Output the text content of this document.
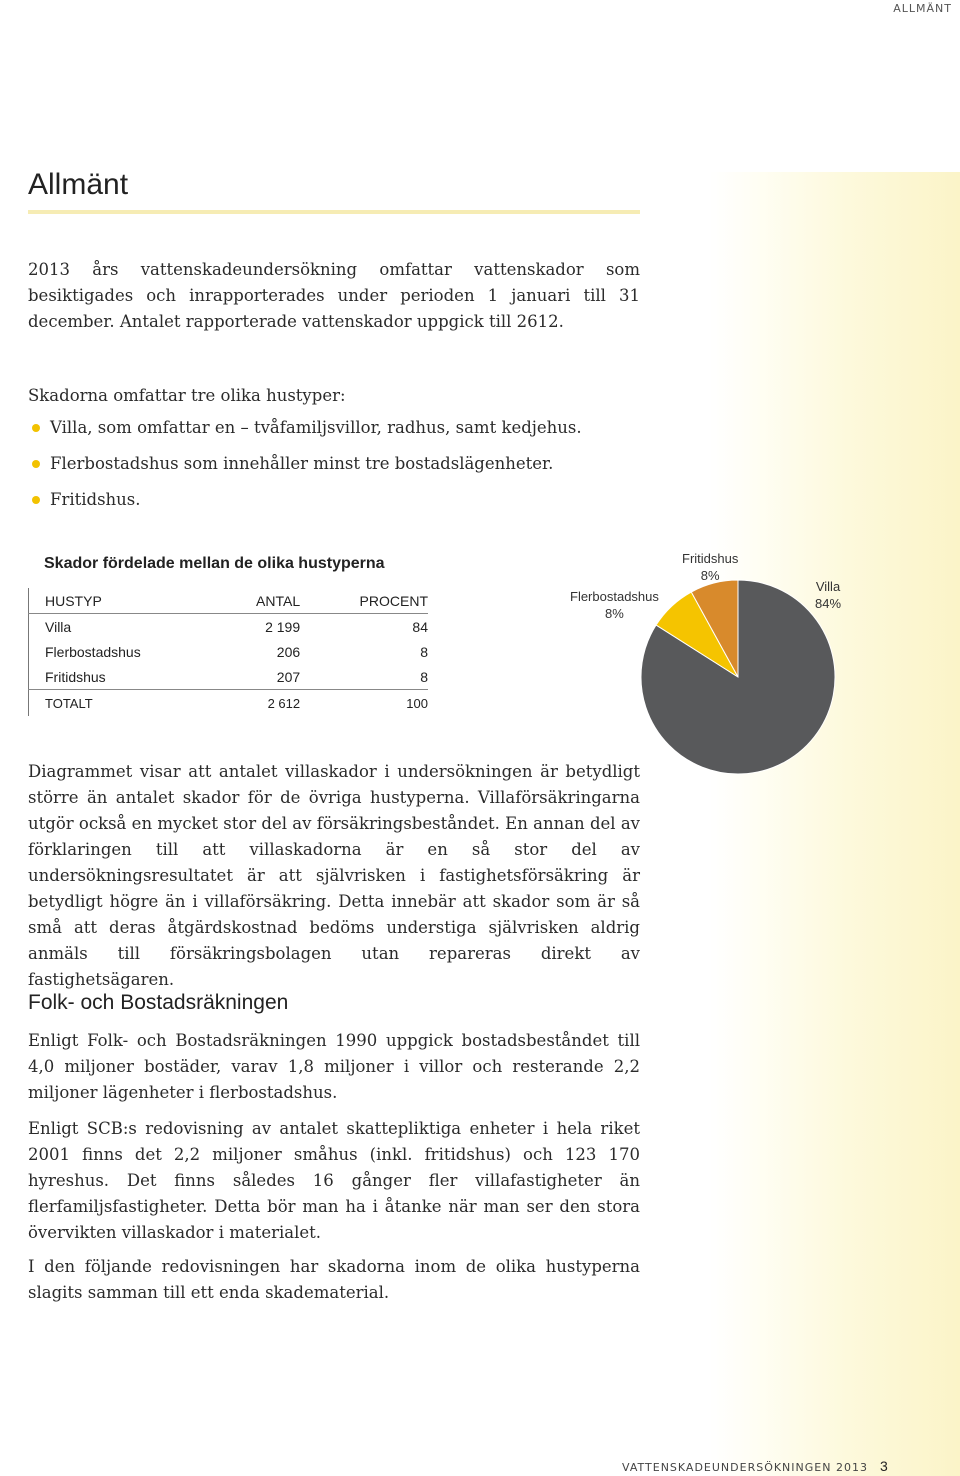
ALLMÄNT
Allmänt

2013 års vattenskadeundersökning omfattar vattenskador som besiktigades och inrapporterades under perioden 1 januari till 31 december. Antalet rapporterade vattenskador uppgick till 2612.

Skadorna omfattar tre olika hustyper:

Villa, som omfattar en – tvåfamiljsvillor, radhus, samt kedjehus.
Flerbostadshus som innehåller minst tre bostadslägenheter.
Fritidshus.
Skador fördelade mellan de olika hustyperna
HUSTYP	ANTAL	PROCENT
Villa	2 199	84
Flerbostadshus	206	8
Fritidshus	207	8
TOTALT	2 612	100
Flerbostadshus
8%
Fritidshus
8%
Villa
84%

Diagrammet visar att antalet villaskador i undersökningen är betydligt större än antalet skador för de övriga hustyperna. Villaförsäkringarna utgör också en mycket stor del av försäkringsbeståndet. En annan del av förklaringen till att villaskadorna är en så stor del av undersökningsresultatet är att självrisken i fastighetsförsäkring är betydligt högre än i villaförsäkring. Detta innebär att skador som är så små att deras åtgärdskostnad bedöms understiga självrisken aldrig anmäls till försäkringsbolagen utan repareras direkt av fastighetsägaren.

Folk- och Bostadsräkningen

Enligt Folk- och Bostadsräkningen 1990 uppgick bostadsbeståndet till 4,0 miljoner bostäder, varav 1,8 miljoner i villor och resterande 2,2 miljoner lägenheter i flerbostadshus.

Enligt SCB:s redovisning av antalet skattepliktiga enheter i hela riket 2001 finns det 2,2 miljoner småhus (inkl. fritidshus) och 123 170 hyreshus. Det finns således 16 gånger fler villafastigheter än flerfamiljsfastigheter. Detta bör man ha i åtanke när man ser den stora övervikten villaskador i materialet.

I den följande redovisningen har skadorna inom de olika hustyperna slagits samman till ett enda skadematerial.

VATTENSKADEUNDERSÖKNINGEN 2013 3
